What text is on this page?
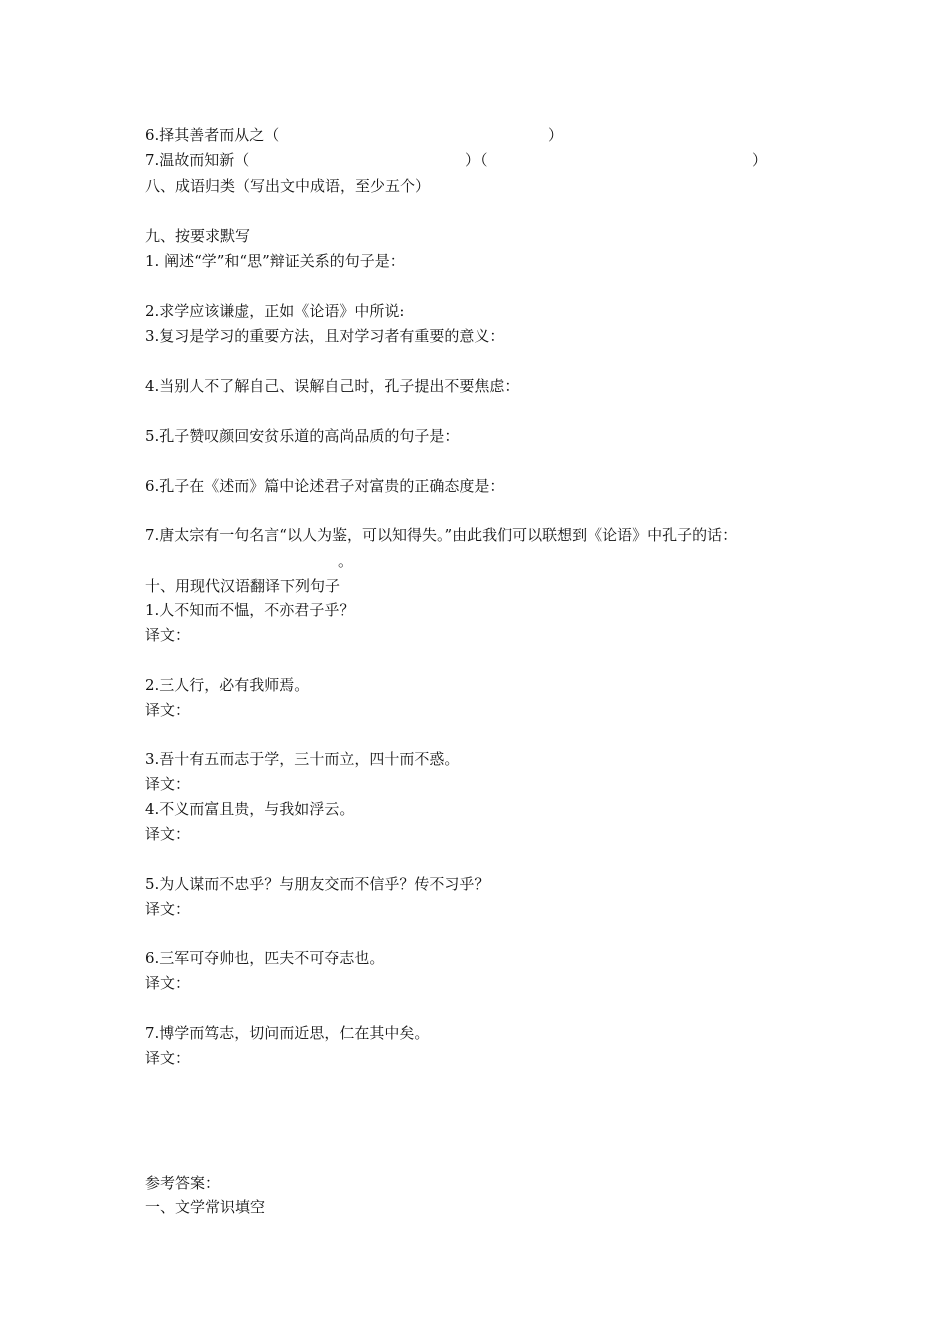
6.择其善者而从之（	）
7.温故而知新（	）（	）
八、成语归类（写出文中成语，至少五个）
九、按要求默写
1. 阐述“学”和“思”辩证关系的句子是：
2.求学应该谦虚，正如《论语》中所说:
3.复习是学习的重要方法，且对学习者有重要的意义：
4.当别人不了解自己、误解自己时，孔子提出不要焦虑：
5.孔子赞叹颜回安贫乐道的高尚品质的句子是：
6.孔子在《述而》篇中论述君子对富贵的正确态度是：
7.唐太宗有一句名言“以人为鉴，可以知得失。”由此我们可以联想到《论语》中孔子的话：
。
十、用现代汉语翻译下列句子
1.人不知而不愠，不亦君子乎？
译文：
2.三人行，必有我师焉。
译文：
3.吾十有五而志于学，三十而立，四十而不惑。
译文：
4.不义而富且贵，与我如浮云。
译文：
5.为人谋而不忠乎？与朋友交而不信乎？传不习乎？
译文：
6.三军可夺帅也，匹夫不可夺志也。
译文：
7.博学而笃志，切问而近思，仁在其中矣。
译文：
参考答案：
一、文学常识填空
